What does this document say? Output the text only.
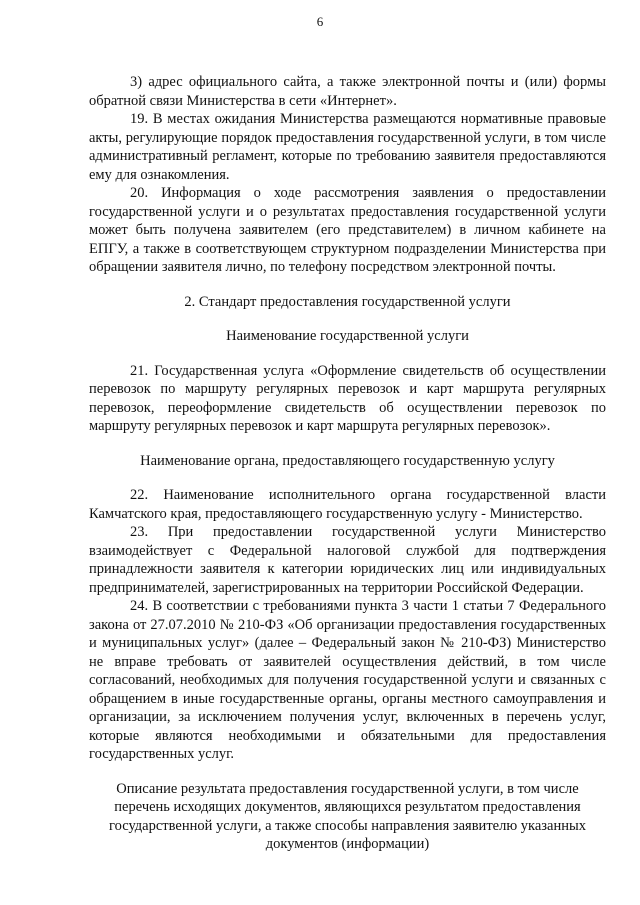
6

3) адрес официального сайта, а также электронной почты и (или) формы обратной связи Министерства в сети «Интернет».

19. В местах ожидания Министерства размещаются нормативные правовые акты, регулирующие порядок предоставления государственной услуги, в том числе административный регламент, которые по требованию заявителя предоставляются ему для ознакомления.

20. Информация о ходе рассмотрения заявления о предоставлении государственной услуги и о результатах предоставления государственной услуги может быть получена заявителем (его представителем) в личном кабинете на ЕПГУ, а также в соответствующем структурном подразделении Министерства при обращении заявителя лично, по телефону посредством электронной почты.

2. Стандарт предоставления государственной услуги

Наименование государственной услуги

21. Государственная услуга «Оформление свидетельств об осуществлении перевозок по маршруту регулярных перевозок и карт маршрута регулярных перевозок, переоформление свидетельств об осуществлении перевозок по маршруту регулярных перевозок и карт маршрута регулярных перевозок».

Наименование органа, предоставляющего государственную услугу

22. Наименование исполнительного органа государственной власти Камчатского края, предоставляющего государственную услугу - Министерство.

23. При предоставлении государственной услуги Министерство взаимодействует с Федеральной налоговой службой для подтверждения принадлежности заявителя к категории юридических лиц или индивидуальных предпринимателей, зарегистрированных на территории Российской Федерации.

24. В соответствии с требованиями пункта 3 части 1 статьи 7 Федерального закона от 27.07.2010 № 210-ФЗ «Об организации предоставления государственных и муниципальных услуг» (далее – Федеральный закон № 210-ФЗ) Министерство не вправе требовать от заявителей осуществления действий, в том числе согласований, необходимых для получения государственной услуги и связанных с обращением в иные государственные органы, органы местного самоуправления и организации, за исключением получения услуг, включенных в перечень услуг, которые являются необходимыми и обязательными для предоставления государственных услуг.

Описание результата предоставления государственной услуги, в том числе перечень исходящих документов, являющихся результатом предоставления государственной услуги, а также способы направления заявителю указанных документов (информации)
